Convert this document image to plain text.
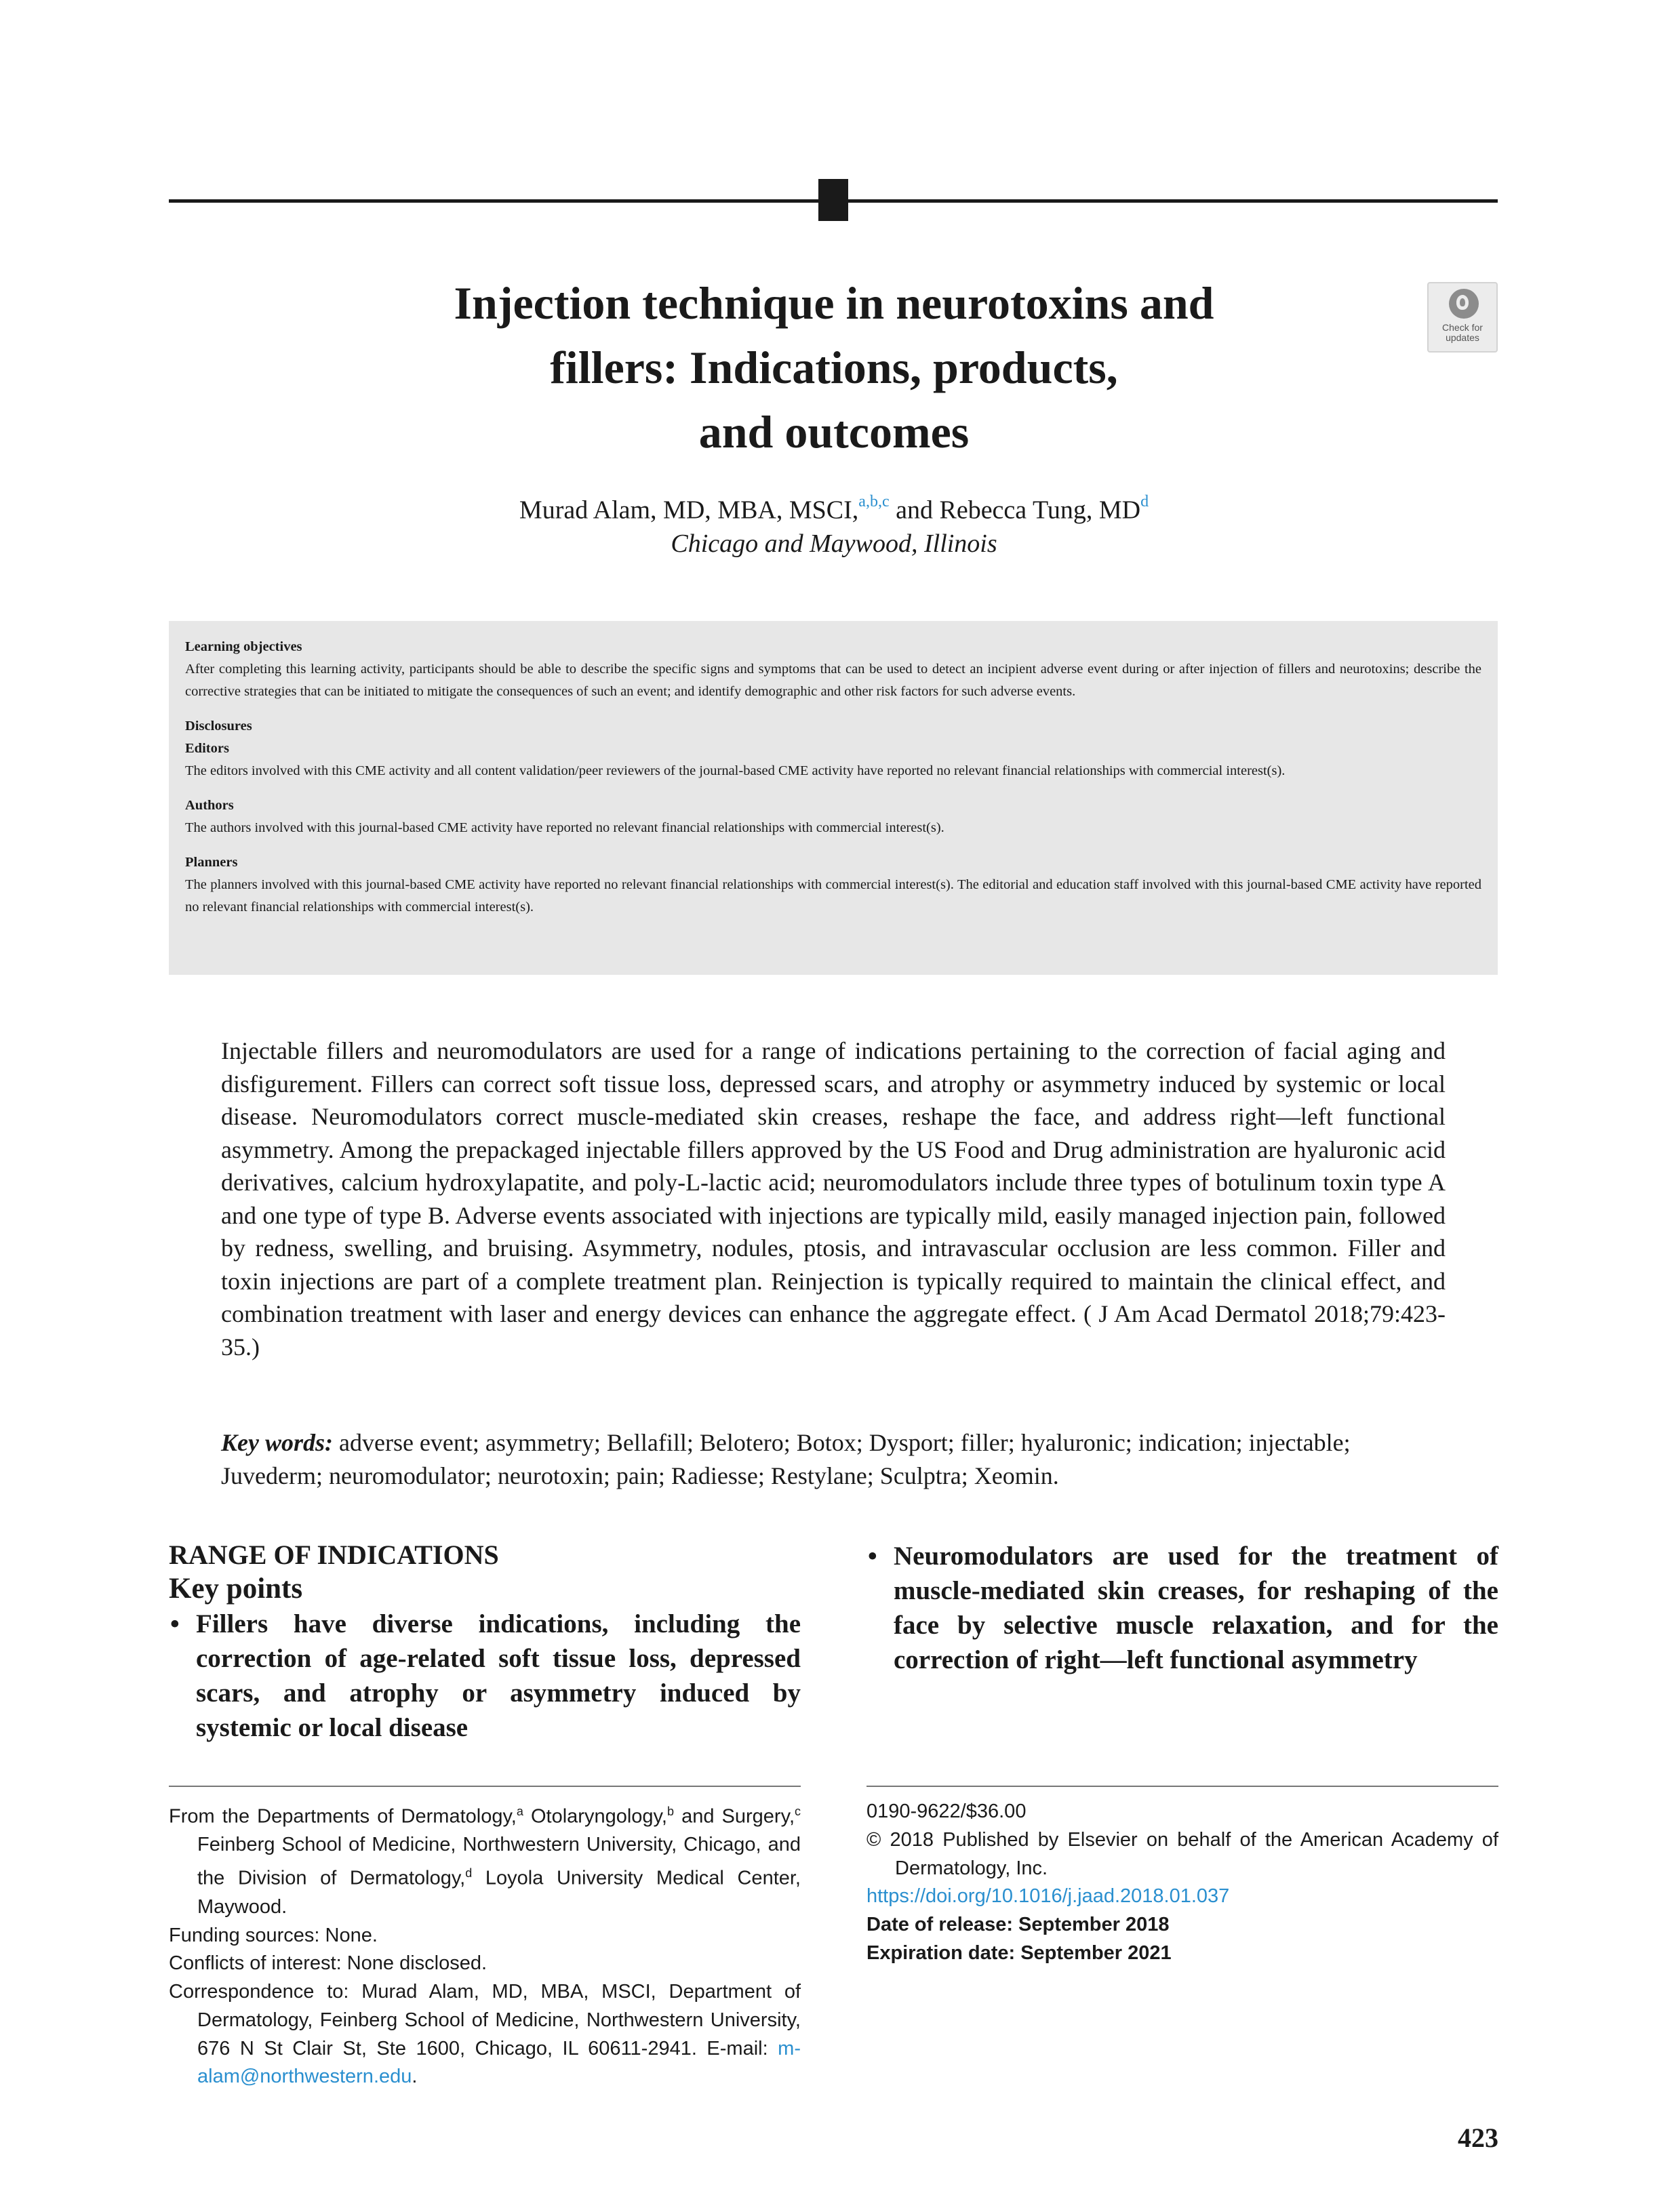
Injection technique in neurotoxins and
fillers: Indications, products,
and outcomes
Check for
updates
Murad Alam, MD, MBA, MSCI,$^{a,b,c}$ and Rebecca Tung, $MD^d$
Chicago and Maywood, Illinois
Learning objectives
After completing this learning activity, participants should be able to describe the specific signs and symptoms that can be used to detect an incipient adverse event during or after injection of fillers and neurotoxins; describe the corrective strategies that can be initiated to mitigate the consequences of such an event; and identify demographic and other risk factors for such adverse events.
Disclosures
Editors
The editors involved with this CME activity and all content validation/peer reviewers of the journal-based CME activity have reported no relevant financial relationships with commercial interest(s).
Authors
The authors involved with this journal-based CME activity have reported no relevant financial relationships with commercial interest(s).
Planners
The planners involved with this journal-based CME activity have reported no relevant financial relationships with commercial interest(s). The editorial and education staff involved with this journal-based CME activity have reported no relevant financial relationships with commercial interest(s).
Injectable fillers and neuromodulators are used for a range of indications pertaining to the correction of facial aging and disfigurement. Fillers can correct soft tissue loss, depressed scars, and atrophy or asymmetry induced by systemic or local disease. Neuromodulators correct muscle-mediated skin creases, reshape the face, and address right—left functional asymmetry. Among the prepackaged injectable fillers approved by the US Food and Drug administration are hyaluronic acid derivatives, calcium hydroxylapatite, and poly-L-lactic acid; neuromodulators include three types of botulinum toxin type A and one type of type B. Adverse events associated with injections are typically mild, easily managed injection pain, followed by redness, swelling, and bruising. Asymmetry, nodules, ptosis, and intravascular occlusion are less common. Filler and toxin injections are part of a complete treatment plan. Reinjection is typically required to maintain the clinical effect, and combination treatment with laser and energy devices can enhance the aggregate effect. ( J Am Acad Dermatol 2018;79:423-35.)
Key words: adverse event; asymmetry; Bellafill; Belotero; Botox; Dysport; filler; hyaluronic; indication; injectable; Juvederm; neuromodulator; neurotoxin; pain; Radiesse; Restylane; Sculptra; Xeomin.
RANGE OF INDICATIONS
Key points
• Fillers have diverse indications, including the correction of age-related soft tissue loss, depressed scars, and atrophy or asymmetry induced by systemic or local disease
• Neuromodulators are used for the treatment of muscle-mediated skin creases, for reshaping of the face by selective muscle relaxation, and for the correction of right—left functional asymmetry
From the Departments of Dermatology,$^a$ Otolaryngology,$^b$ and Surgery,$^c$ Feinberg School of Medicine, Northwestern University, Chicago, and the Division of Dermatology,$^d$ Loyola University Medical Center, Maywood.
Funding sources: None.
Conflicts of interest: None disclosed.
Correspondence to: Murad Alam, MD, MBA, MSCI, Department of Dermatology, Feinberg School of Medicine, Northwestern University, 676 N St Clair St, Ste 1600, Chicago, IL 60611-2941. E-mail: m-alam@northwestern.edu.
0190-9622/$36.00
© 2018 Published by Elsevier on behalf of the American Academy of Dermatology, Inc.
https://doi.org/10.1016/j.jaad.2018.01.037
Date of release: September 2018
Expiration date: September 2021
423
